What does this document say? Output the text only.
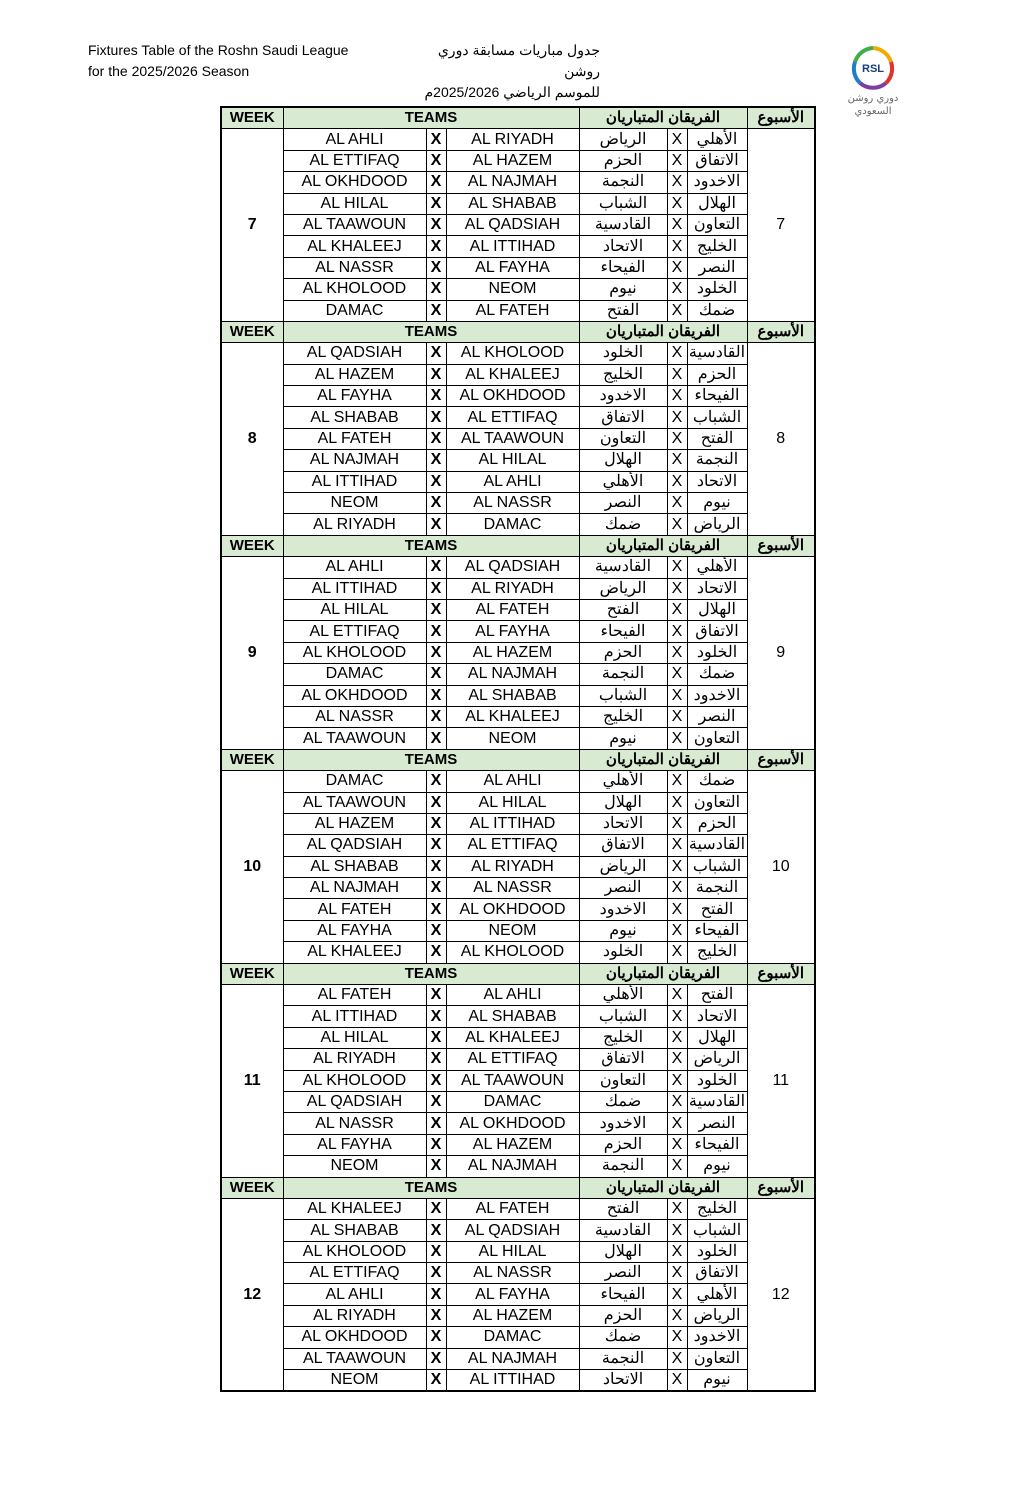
Fixtures Table of the Roshn Saudi League
for the 2025/2026 Season
جدول مباريات مسابقة دوري روشن
للموسم الرياضي 2025/2026م
RSL
دوري روشن
السعودي
WEEK	TEAMS			الفريقان المتباريان			الأسبوع
7	AL AHLI	X	AL RIYADH	الرياض	X	الأهلي	7
	AL ETTIFAQ	X	AL HAZEM	الحزم	X	الاتفاق	
	AL OKHDOOD	X	AL NAJMAH	النجمة	X	الاخدود	
	AL HILAL	X	AL SHABAB	الشباب	X	الهلال	
	AL TAAWOUN	X	AL QADSIAH	القادسية	X	التعاون	
	AL KHALEEJ	X	AL ITTIHAD	الاتحاد	X	الخليج	
	AL NASSR	X	AL FAYHA	الفيحاء	X	النصر	
	AL KHOLOOD	X	NEOM	نيوم	X	الخلود	
	DAMAC	X	AL FATEH	الفتح	X	ضمك	
WEEK	TEAMS			الفريقان المتباريان			الأسبوع
8	AL QADSIAH	X	AL KHOLOOD	الخلود	X	القادسية	8
	AL HAZEM	X	AL KHALEEJ	الخليج	X	الحزم	
	AL FAYHA	X	AL OKHDOOD	الاخدود	X	الفيحاء	
	AL SHABAB	X	AL ETTIFAQ	الاتفاق	X	الشباب	
	AL FATEH	X	AL TAAWOUN	التعاون	X	الفتح	
	AL NAJMAH	X	AL HILAL	الهلال	X	النجمة	
	AL ITTIHAD	X	AL AHLI	الأهلي	X	الاتحاد	
	NEOM	X	AL NASSR	النصر	X	نيوم	
	AL RIYADH	X	DAMAC	ضمك	X	الرياض	
WEEK	TEAMS			الفريقان المتباريان			الأسبوع
9	AL AHLI	X	AL QADSIAH	القادسية	X	الأهلي	9
	AL ITTIHAD	X	AL RIYADH	الرياض	X	الاتحاد	
	AL HILAL	X	AL FATEH	الفتح	X	الهلال	
	AL ETTIFAQ	X	AL FAYHA	الفيحاء	X	الاتفاق	
	AL KHOLOOD	X	AL HAZEM	الحزم	X	الخلود	
	DAMAC	X	AL NAJMAH	النجمة	X	ضمك	
	AL OKHDOOD	X	AL SHABAB	الشباب	X	الاخدود	
	AL NASSR	X	AL KHALEEJ	الخليج	X	النصر	
	AL TAAWOUN	X	NEOM	نيوم	X	التعاون	
WEEK	TEAMS			الفريقان المتباريان			الأسبوع
10	DAMAC	X	AL AHLI	الأهلي	X	ضمك	10
	AL TAAWOUN	X	AL HILAL	الهلال	X	التعاون	
	AL HAZEM	X	AL ITTIHAD	الاتحاد	X	الحزم	
	AL QADSIAH	X	AL ETTIFAQ	الاتفاق	X	القادسية	
	AL SHABAB	X	AL RIYADH	الرياض	X	الشباب	
	AL NAJMAH	X	AL NASSR	النصر	X	النجمة	
	AL FATEH	X	AL OKHDOOD	الاخدود	X	الفتح	
	AL FAYHA	X	NEOM	نيوم	X	الفيحاء	
	AL KHALEEJ	X	AL KHOLOOD	الخلود	X	الخليج	
WEEK	TEAMS			الفريقان المتباريان			الأسبوع
11	AL FATEH	X	AL AHLI	الأهلي	X	الفتح	11
	AL ITTIHAD	X	AL SHABAB	الشباب	X	الاتحاد	
	AL HILAL	X	AL KHALEEJ	الخليج	X	الهلال	
	AL RIYADH	X	AL ETTIFAQ	الاتفاق	X	الرياض	
	AL KHOLOOD	X	AL TAAWOUN	التعاون	X	الخلود	
	AL QADSIAH	X	DAMAC	ضمك	X	القادسية	
	AL NASSR	X	AL OKHDOOD	الاخدود	X	النصر	
	AL FAYHA	X	AL HAZEM	الحزم	X	الفيحاء	
	NEOM	X	AL NAJMAH	النجمة	X	نيوم	
WEEK	TEAMS			الفريقان المتباريان			الأسبوع
12	AL KHALEEJ	X	AL FATEH	الفتح	X	الخليج	12
	AL SHABAB	X	AL QADSIAH	القادسية	X	الشباب	
	AL KHOLOOD	X	AL HILAL	الهلال	X	الخلود	
	AL ETTIFAQ	X	AL NASSR	النصر	X	الاتفاق	
	AL AHLI	X	AL FAYHA	الفيحاء	X	الأهلي	
	AL RIYADH	X	AL HAZEM	الحزم	X	الرياض	
	AL OKHDOOD	X	DAMAC	ضمك	X	الاخدود	
	AL TAAWOUN	X	AL NAJMAH	النجمة	X	التعاون	
	NEOM	X	AL ITTIHAD	الاتحاد	X	نيوم	
